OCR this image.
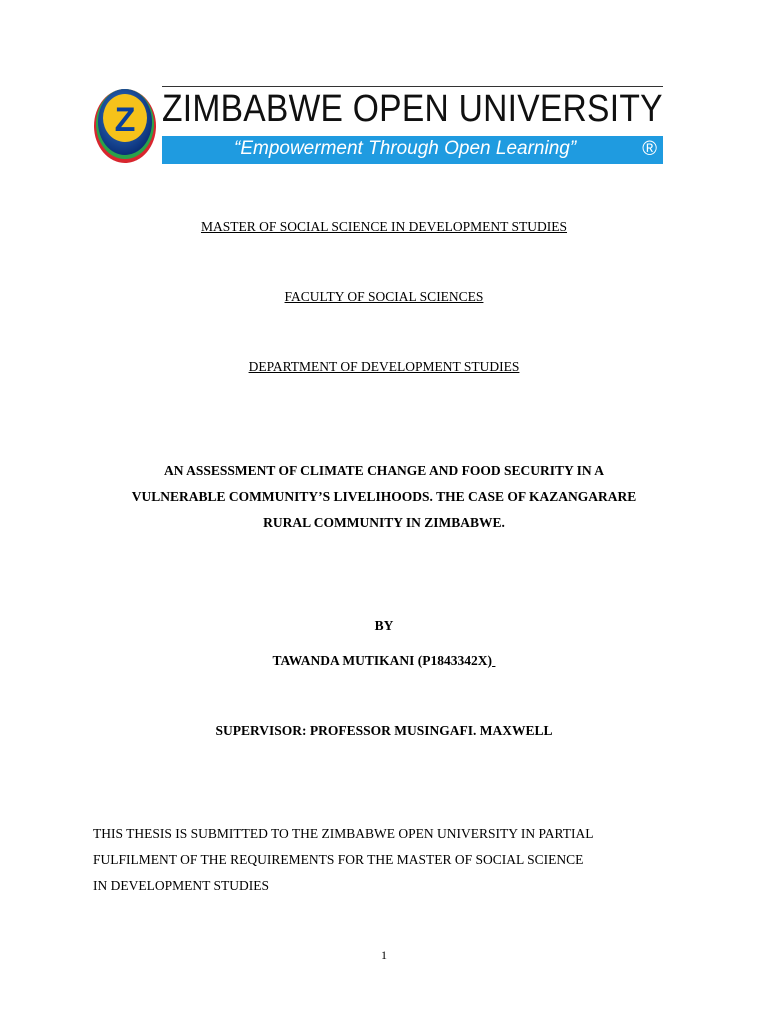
Z ZIMBABWE OPEN UNIVERSITY
“Empowerment Through Open Learning”	®
MASTER OF SOCIAL SCIENCE IN DEVELOPMENT STUDIES
FACULTY OF SOCIAL SCIENCES
DEPARTMENT OF DEVELOPMENT STUDIES
AN ASSESSMENT OF CLIMATE CHANGE AND FOOD SECURITY IN A
VULNERABLE COMMUNITY’S LIVELIHOODS. THE CASE OF KAZANGARARE
RURAL COMMUNITY IN ZIMBABWE.
BY
TAWANDA MUTIKANI (P1843342X)
SUPERVISOR: PROFESSOR MUSINGAFI. MAXWELL
THIS THESIS IS SUBMITTED TO THE ZIMBABWE OPEN UNIVERSITY IN PARTIAL
FULFILMENT OF THE REQUIREMENTS FOR THE MASTER OF SOCIAL SCIENCE
IN DEVELOPMENT STUDIES
1
